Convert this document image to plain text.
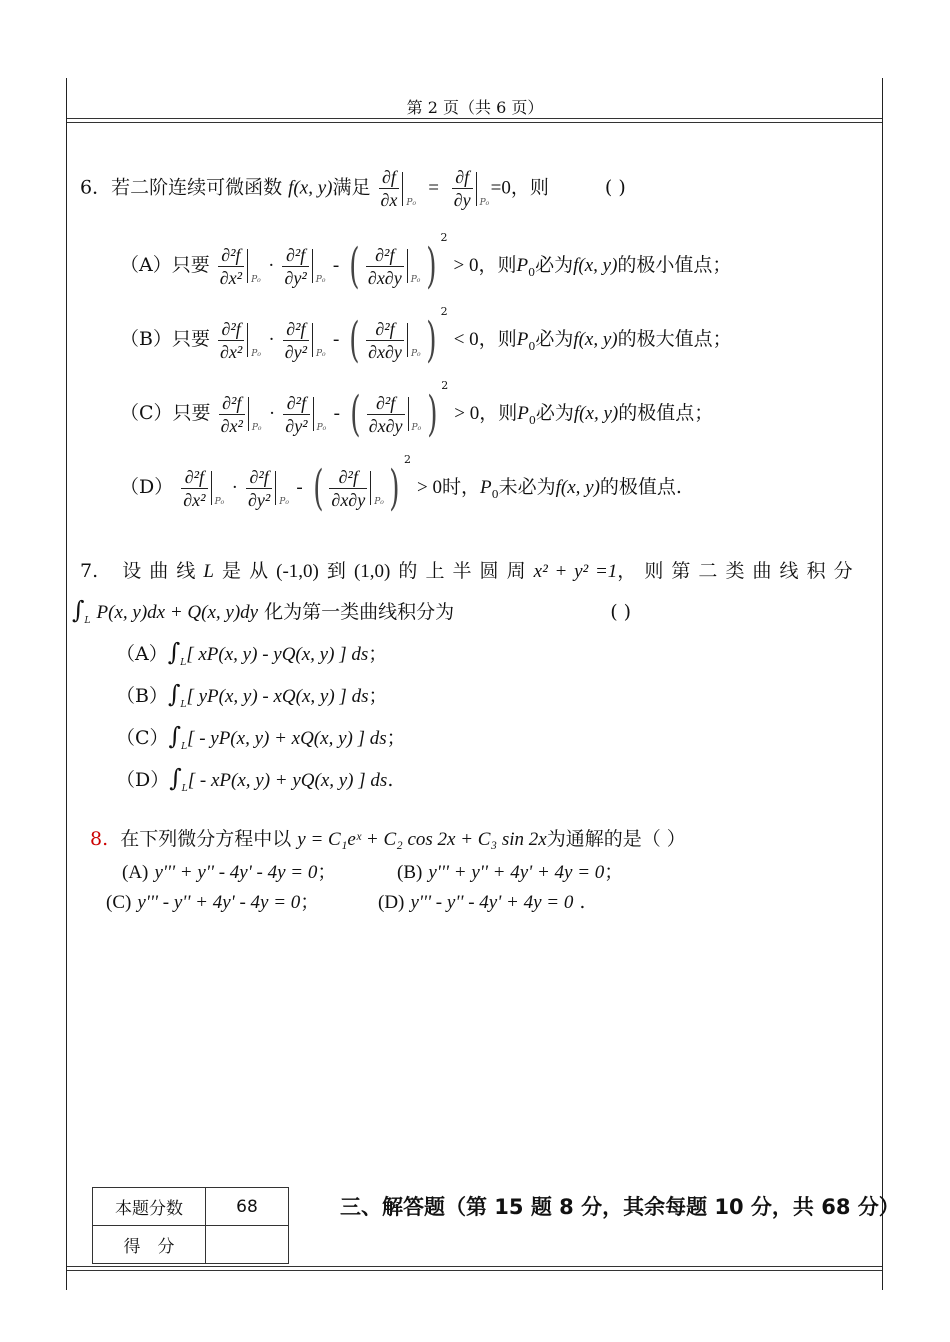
第 2 页（共 6 页）
6．若二阶连续可微函数 f(x, y)满足 $\frac{\partial f}{\partial x} P_0$
= $\frac{\partial f}{\partial y} P_0$
=0，则	( )
（A）只要 $\frac{\text{∂²f}}{\text{∂x²}} P_0$
· $\frac{\text{∂²f}}{\text{∂y²}} P_0$
- ( $\frac{\text{∂²f}}{\partial x\partial y} P_0$ )$^2$ > 0，则$P_0$必为f(x, y)的极小值点；
（B）只要 $\frac{\text{∂²f}}{\text{∂x²}} P_0$
· $\frac{\text{∂²f}}{\text{∂y²}} P_0$
- ( $\frac{\text{∂²f}}{\partial x\partial y} P_0$ )$^2$ < 0，则$P_0$必为f(x, y)的极大值点；
（C）只要 $\frac{\text{∂²f}}{\text{∂x²}} P_0$
· $\frac{\text{∂²f}}{\text{∂y²}} P_0$
- ( $\frac{\text{∂²f}}{\partial x\partial y} P_0$ )$^2$ > 0，则$P_0$必为f(x, y)的极值点；
$(D) \frac{\text{∂²f}}{\text{∂x²}} P_0$
· $\frac{\text{∂²f}}{\text{∂y²}} P_0$
- ( $\frac{\text{∂²f}}{\partial x\partial y} P_0$ )$^2$ > 0时，$P_0$未必为f(x, y)的极值点.
7. 设 曲 线 L 是 从 (-1,0) 到 (1,0) 的 上 半 圆 周 x² + y² =1， 则 第 二 类 曲 线 积 分
$\int_L$ P(x, y)dx + Q(x, y)dy 化为第一类曲线积分为	( )
$(A)\int_L$[ xP(x, y) - yQ(x, y) ] ds；
$(B)\int_L$[ yP(x, y) - xQ(x, y) ] ds；
$(C)\int_L[ - yP(x$, y) + xQ(x, y) ] ds；
$(D)\int_L[ - xP(x$, y) + yQ(x, y) ] ds.
8. 在下列微分方程中以 y = C₁eˣ + C₂ cos 2x + C₃ sin 2x为通解的是（ ）
(A) y''' + y'' - 4y' - 4y = 0；	(B) y''' + y'' + 4y' + 4y = 0；
(C) y''' - y'' + 4y' - 4y = 0；	(D) y''' - y'' - 4y' + 4y = 0 .
本题分数	68
得　分	
三、解答题（第 15 题 8 分，其余每题 10 分，共 68 分）
